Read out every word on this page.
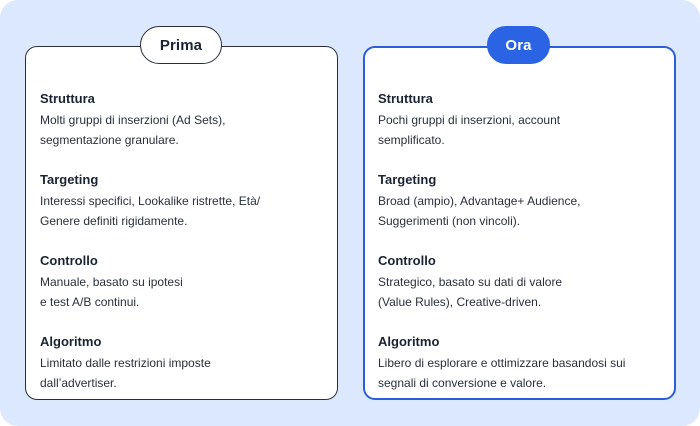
Prima	Ora
Struttura
Molti gruppi di inserzioni (Ad Sets),
segmentazione granulare.
Targeting
Interessi specifici, Lookalike ristrette, Età/
Genere definiti rigidamente.
Controllo
Manuale, basato su ipotesi
e test A/B continui.
Algoritmo
Limitato dalle restrizioni imposte
dall’advertiser.
Struttura
Pochi gruppi di inserzioni, account
semplificato.
Targeting
Broad (ampio), Advantage+ Audience,
Suggerimenti (non vincoli).
Controllo
Strategico, basato su dati di valore
(Value Rules), Creative-driven.
Algoritmo
Libero di esplorare e ottimizzare basandosi sui
segnali di conversione e valore.
